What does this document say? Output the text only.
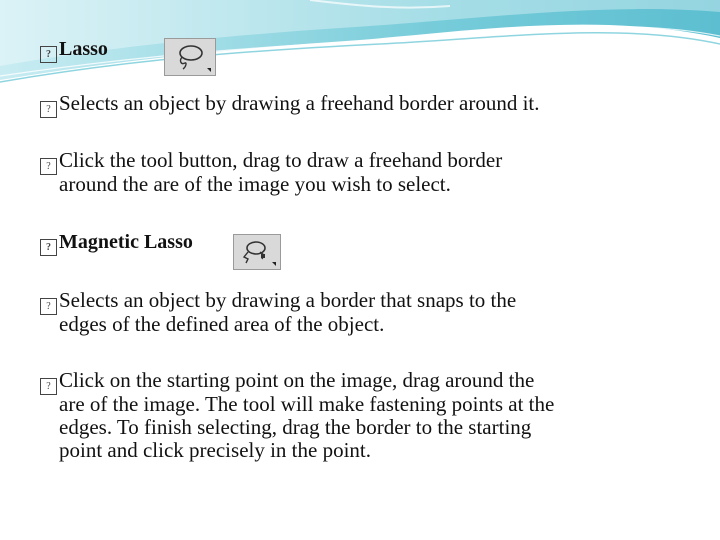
? Lasso
? Selects an object by drawing a freehand border around it.
? Click the tool button, drag to draw a freehand border
around the are of the image you wish to select.
? Magnetic Lasso
? Selects an object by drawing a border that snaps to the
edges of the defined area of the object.
? Click on the starting point on the image, drag around the
are of the image. The tool will make fastening points at the
edges. To finish selecting, drag the border to the starting
point and click precisely in the point.
